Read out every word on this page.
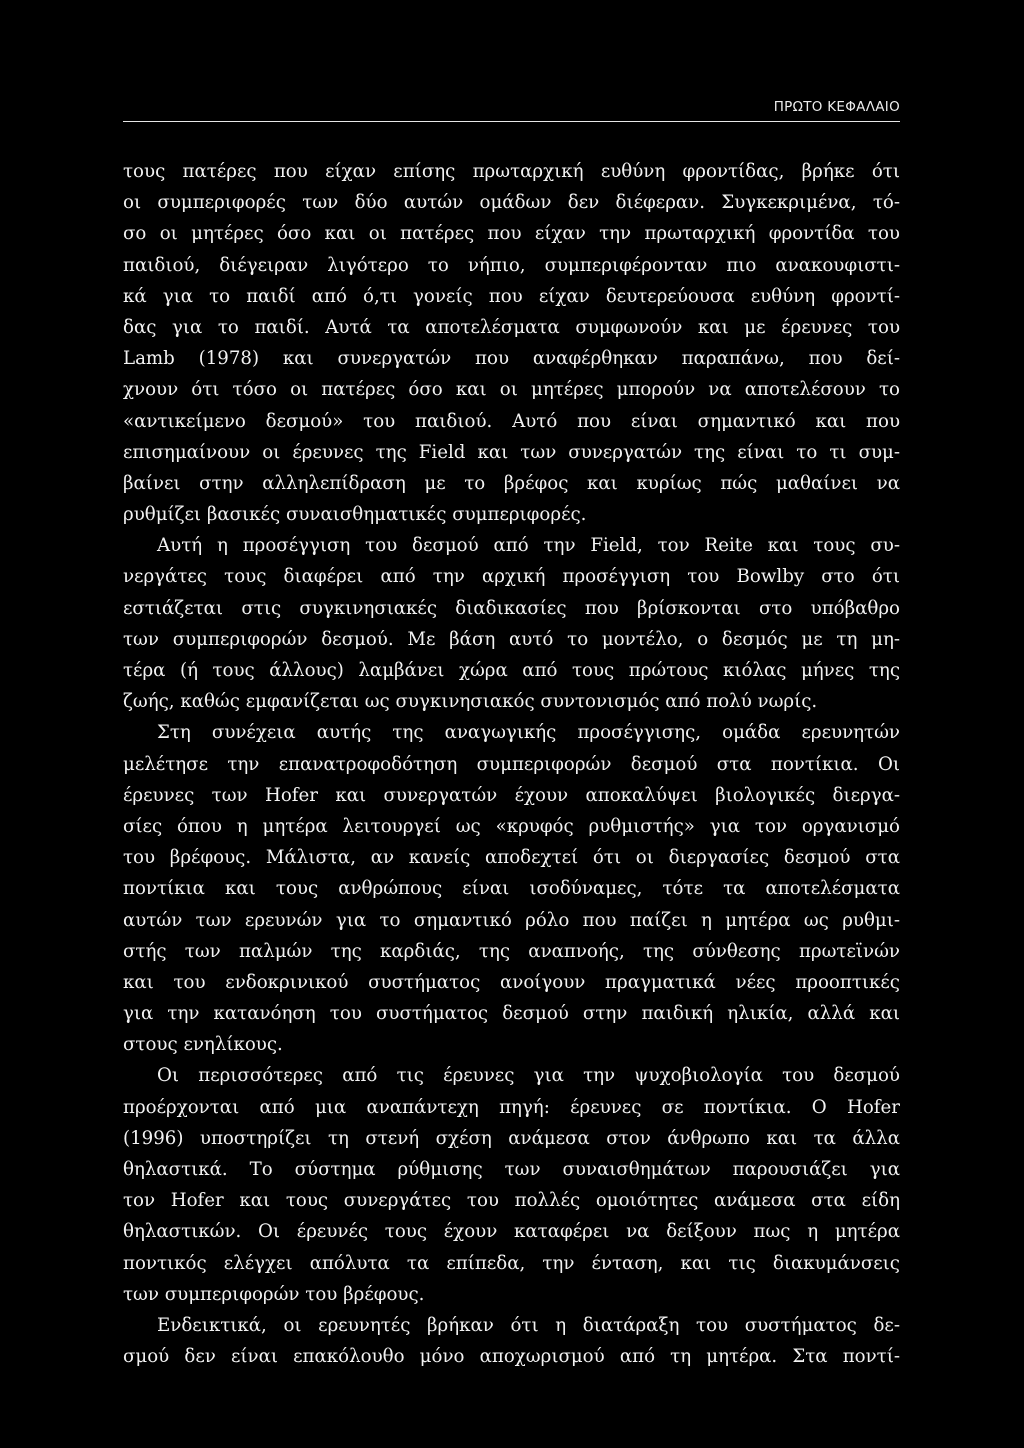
ΠΡΩΤΟ ΚΕΦΑΛΑΙΟ
τους πατέρες που είχαν επίσης πρωταρχική ευθύνη φροντίδας, βρήκε ότι
οι συμπεριφορές των δύο αυτών ομάδων δεν διέφεραν. Συγκεκριμένα, τό-
σο οι μητέρες όσο και οι πατέρες που είχαν την πρωταρχική φροντίδα του
παιδιού, διέγειραν λιγότερο το νήπιο, συμπεριφέρονταν πιο ανακουφιστι-
κά για το παιδί από ό,τι γονείς που είχαν δευτερεύουσα ευθύνη φροντί-
δας για το παιδί. Αυτά τα αποτελέσματα συμφωνούν και με έρευνες του
Lamb (1978) και συνεργατών που αναφέρθηκαν παραπάνω, που δεί-
χνουν ότι τόσο οι πατέρες όσο και οι μητέρες μπορούν να αποτελέσουν το
«αντικείμενο δεσμού» του παιδιού. Αυτό που είναι σημαντικό και που
επισημαίνουν οι έρευνες της Field και των συνεργατών της είναι το τι συμ-
βαίνει στην αλληλεπίδραση με το βρέφος και κυρίως πώς μαθαίνει να
ρυθμίζει βασικές συναισθηματικές συμπεριφορές.
Αυτή η προσέγγιση του δεσμού από την Field, τον Reite και τους συ-
νεργάτες τους διαφέρει από την αρχική προσέγγιση του Bowlby στο ότι
εστιάζεται στις συγκινησιακές διαδικασίες που βρίσκονται στο υπόβαθρο
των συμπεριφορών δεσμού. Με βάση αυτό το μοντέλο, ο δεσμός με τη μη-
τέρα (ή τους άλλους) λαμβάνει χώρα από τους πρώτους κιόλας μήνες της
ζωής, καθώς εμφανίζεται ως συγκινησιακός συντονισμός από πολύ νωρίς.
Στη συνέχεια αυτής της αναγωγικής προσέγγισης, ομάδα ερευνητών
μελέτησε την επανατροφοδότηση συμπεριφορών δεσμού στα ποντίκια. Οι
έρευνες των Hofer και συνεργατών έχουν αποκαλύψει βιολογικές διεργα-
σίες όπου η μητέρα λειτουργεί ως «κρυφός ρυθμιστής» για τον οργανισμό
του βρέφους. Μάλιστα, αν κανείς αποδεχτεί ότι οι διεργασίες δεσμού στα
ποντίκια και τους ανθρώπους είναι ισοδύναμες, τότε τα αποτελέσματα
αυτών των ερευνών για το σημαντικό ρόλο που παίζει η μητέρα ως ρυθμι-
στής των παλμών της καρδιάς, της αναπνοής, της σύνθεσης πρωτεϊνών
και του ενδοκρινικού συστήματος ανοίγουν πραγματικά νέες προοπτικές
για την κατανόηση του συστήματος δεσμού στην παιδική ηλικία, αλλά και
στους ενηλίκους.
Οι περισσότερες από τις έρευνες για την ψυχοβιολογία του δεσμού
προέρχονται από μια αναπάντεχη πηγή: έρευνες σε ποντίκια. Ο Hofer
(1996) υποστηρίζει τη στενή σχέση ανάμεσα στον άνθρωπο και τα άλλα
θηλαστικά. Το σύστημα ρύθμισης των συναισθημάτων παρουσιάζει για
τον Hofer και τους συνεργάτες του πολλές ομοιότητες ανάμεσα στα είδη
θηλαστικών. Οι έρευνές τους έχουν καταφέρει να δείξουν πως η μητέρα
ποντικός ελέγχει απόλυτα τα επίπεδα, την ένταση, και τις διακυμάνσεις
των συμπεριφορών του βρέφους.
Ενδεικτικά, οι ερευνητές βρήκαν ότι η διατάραξη του συστήματος δε-
σμού δεν είναι επακόλουθο μόνο αποχωρισμού από τη μητέρα. Στα ποντί-
